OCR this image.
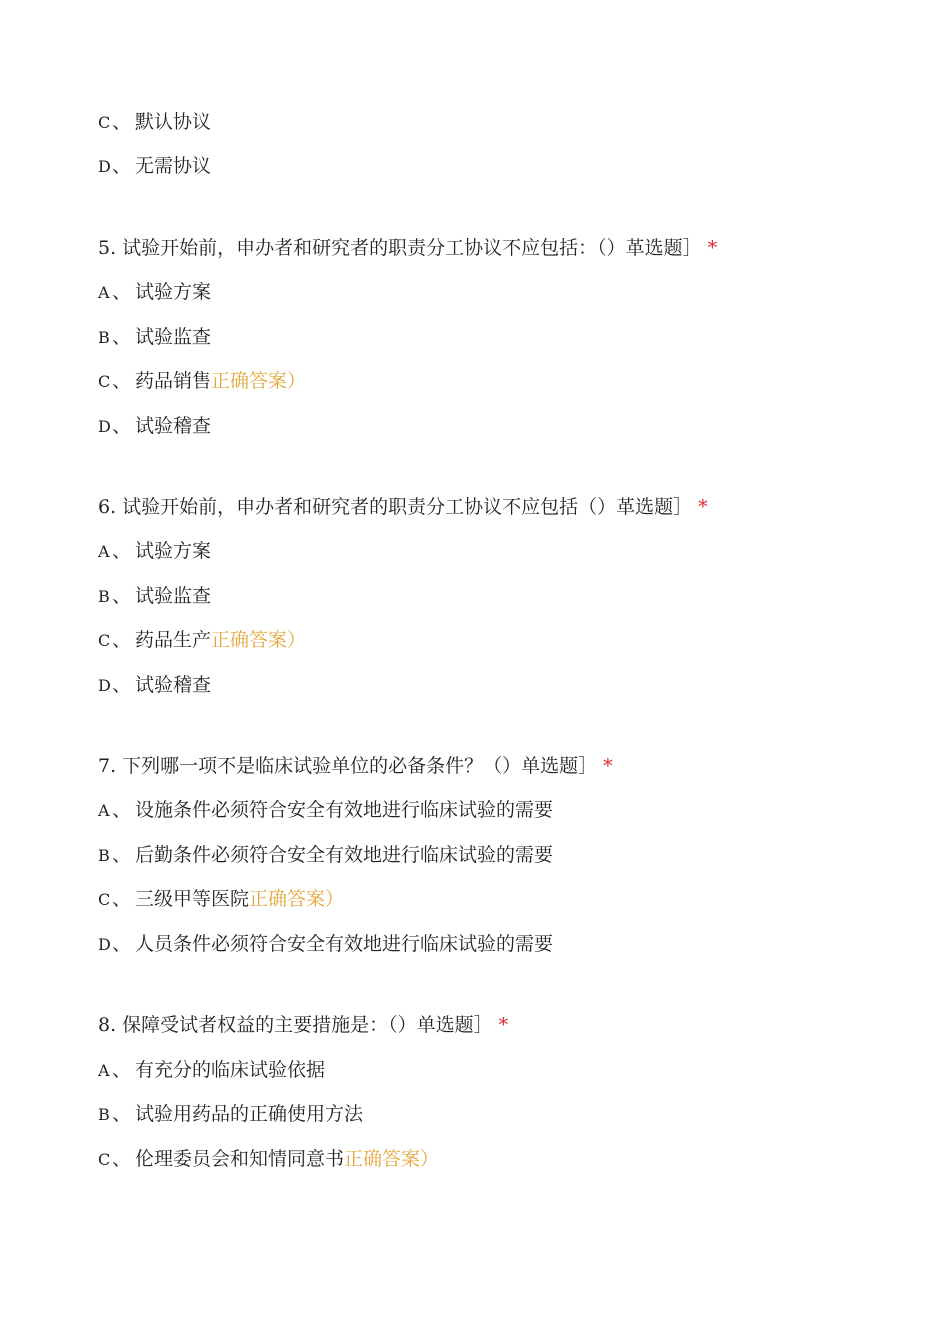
C、 默认协议
D、 无需协议
5. 试验开始前，申办者和研究者的职责分工协议不应包括：（）革选题］ *
A 、 试验方案
B 、 试验监查
C、 药品销售正确答案）
D、 试验稽查
6. 试验开始前，申办者和研究者的职责分工协议不应包括（）革选题］ *
A 、 试验方案
B 、 试验监查
C、 药品生产正确答案）
D、 试验稽查
7. 下列哪一项不是临床试验单位的必备条件？（）单选题］ *
A 、 设施条件必须符合安全有效地进行临床试验的需要
B 、 后勤条件必须符合安全有效地进行临床试验的需要
C、 三级甲等医院正确答案）
D、 人员条件必须符合安全有效地进行临床试验的需要
8. 保障受试者权益的主要措施是：（）单选题］ *
A 、 有充分的临床试验依据
B 、 试验用药品的正确使用方法
C、 伦理委员会和知情同意书正确答案）
